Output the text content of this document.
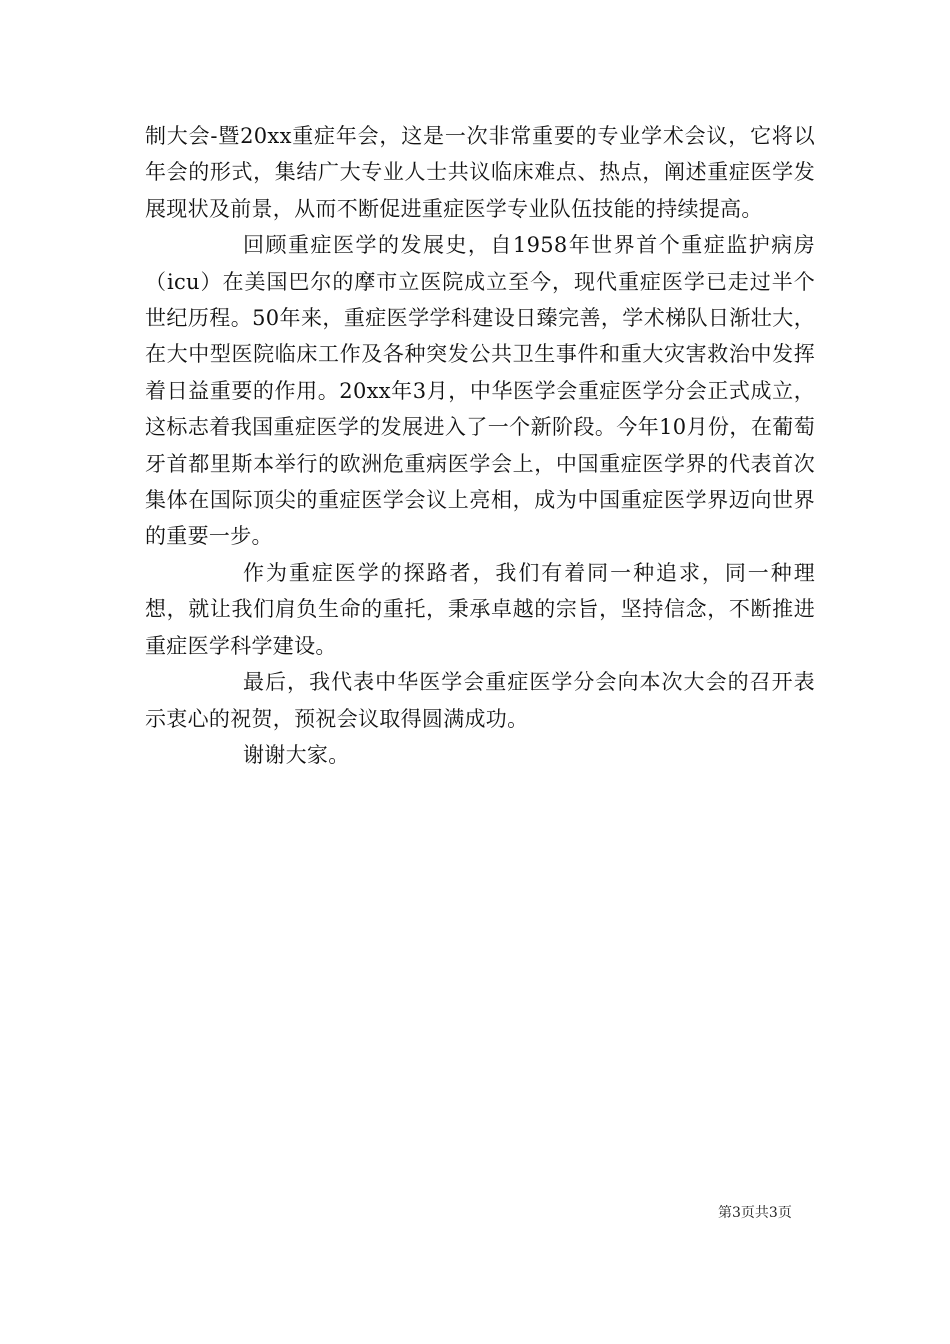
制大会-暨20xx重症年会，这是一次非常重要的专业学术会议，它将以年会的形式，集结广大专业人士共议临床难点、热点，阐述重症医学发展现状及前景，从而不断促进重症医学专业队伍技能的持续提高。

回顾重症医学的发展史，自1958年世界首个重症监护病房（icu）在美国巴尔的摩市立医院成立至今，现代重症医学已走过半个世纪历程。50年来，重症医学学科建设日臻完善，学术梯队日渐壮大，在大中型医院临床工作及各种突发公共卫生事件和重大灾害救治中发挥着日益重要的作用。20xx年3月，中华医学会重症医学分会正式成立，这标志着我国重症医学的发展进入了一个新阶段。今年10月份，在葡萄牙首都里斯本举行的欧洲危重病医学会上，中国重症医学界的代表首次集体在国际顶尖的重症医学会议上亮相，成为中国重症医学界迈向世界的重要一步。

作为重症医学的探路者，我们有着同一种追求，同一种理想，就让我们肩负生命的重托，秉承卓越的宗旨，坚持信念，不断推进重症医学科学建设。

最后，我代表中华医学会重症医学分会向本次大会的召开表示衷心的祝贺，预祝会议取得圆满成功。

谢谢大家。

第3页共3页
